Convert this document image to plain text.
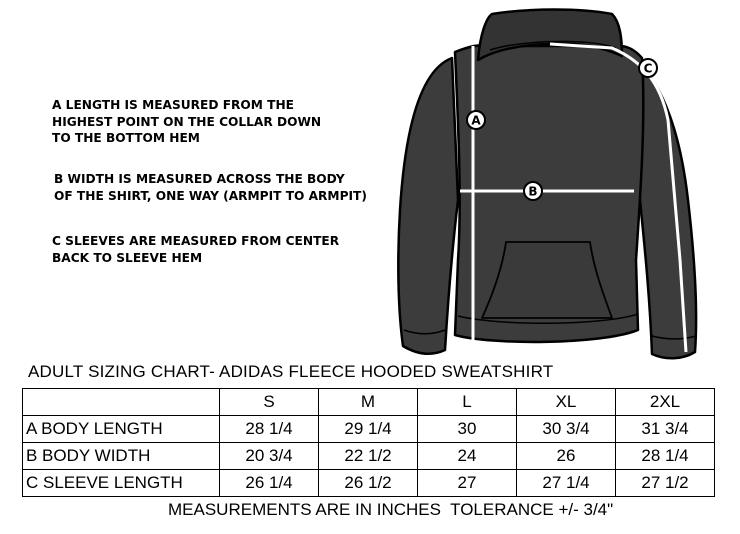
A LENGTH IS MEASURED FROM THE
HIGHEST POINT ON THE COLLAR DOWN
TO THE BOTTOM HEM

B WIDTH IS MEASURED ACROSS THE BODY
OF THE SHIRT, ONE WAY (ARMPIT TO ARMPIT)

C SLEEVES ARE MEASURED FROM CENTER
BACK TO SLEEVE HEM

A
B
C
ADULT SIZING CHART- ADIDAS FLEECE HOODED SWEATSHIRT
	S	M	L	XL	2XL
A BODY LENGTH	28 1/4	29 1/4	30	30 3/4	31 3/4
B BODY WIDTH	20 3/4	22 1/2	24	26	28 1/4
C SLEEVE LENGTH	26 1/4	26 1/2	27	27 1/4	27 1/2
MEASUREMENTS ARE IN INCHES  TOLERANCE +/- 3/4"
